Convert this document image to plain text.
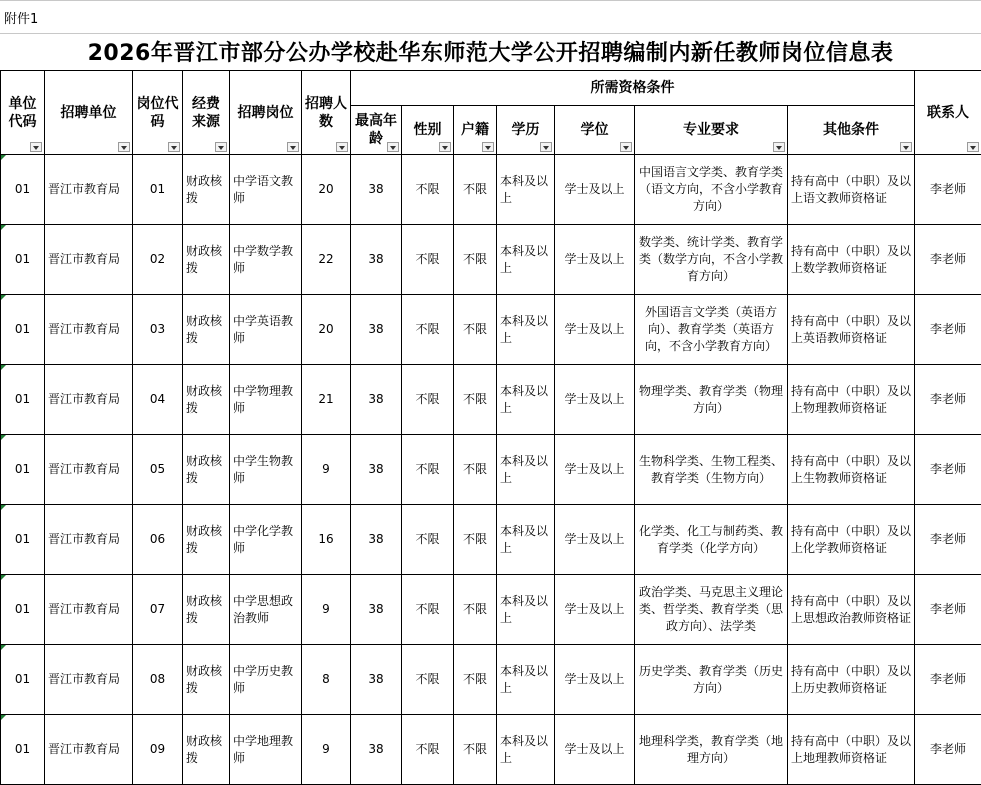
附件1
2026年晋江市部分公办学校赴华东师范大学公开招聘编制内新任教师岗位信息表
单位代码	招聘单位	岗位代码	经费来源	招聘岗位	招聘人数	所需资格条件							联系人

						最高年龄	性别	户籍	学历	学位	专业要求	其他条件	

01	晋江市教育局	01	财政核拨	中学语文教师	20	38	不限	不限	本科及以上	学士及以上	中国语言文学类、教育学类（语文方向，不含小学教育方向）	持有高中（中职）及以上语文教师资格证	李老师

01	晋江市教育局	02	财政核拨	中学数学教师	22	38	不限	不限	本科及以上	学士及以上	数学类、统计学类、教育学类（数学方向，不含小学教育方向）	持有高中（中职）及以上数学教师资格证	李老师

01	晋江市教育局	03	财政核拨	中学英语教师	20	38	不限	不限	本科及以上	学士及以上	外国语言文学类（英语方向）、教育学类（英语方向，不含小学教育方向）	持有高中（中职）及以上英语教师资格证	李老师

01	晋江市教育局	04	财政核拨	中学物理教师	21	38	不限	不限	本科及以上	学士及以上	物理学类、教育学类（物理方向）	持有高中（中职）及以上物理教师资格证	李老师

01	晋江市教育局	05	财政核拨	中学生物教师	9	38	不限	不限	本科及以上	学士及以上	生物科学类、生物工程类、教育学类（生物方向）	持有高中（中职）及以上生物教师资格证	李老师

01	晋江市教育局	06	财政核拨	中学化学教师	16	38	不限	不限	本科及以上	学士及以上	化学类、化工与制药类、教育学类（化学方向）	持有高中（中职）及以上化学教师资格证	李老师

01	晋江市教育局	07	财政核拨	中学思想政治教师	9	38	不限	不限	本科及以上	学士及以上	政治学类、马克思主义理论类、哲学类、教育学类（思政方向）、法学类	持有高中（中职）及以上思想政治教师资格证	李老师

01	晋江市教育局	08	财政核拨	中学历史教师	8	38	不限	不限	本科及以上	学士及以上	历史学类、教育学类（历史方向）	持有高中（中职）及以上历史教师资格证	李老师

01	晋江市教育局	09	财政核拨	中学地理教师	9	38	不限	不限	本科及以上	学士及以上	地理科学类，教育学类（地理方向）	持有高中（中职）及以上地理教师资格证	李老师
